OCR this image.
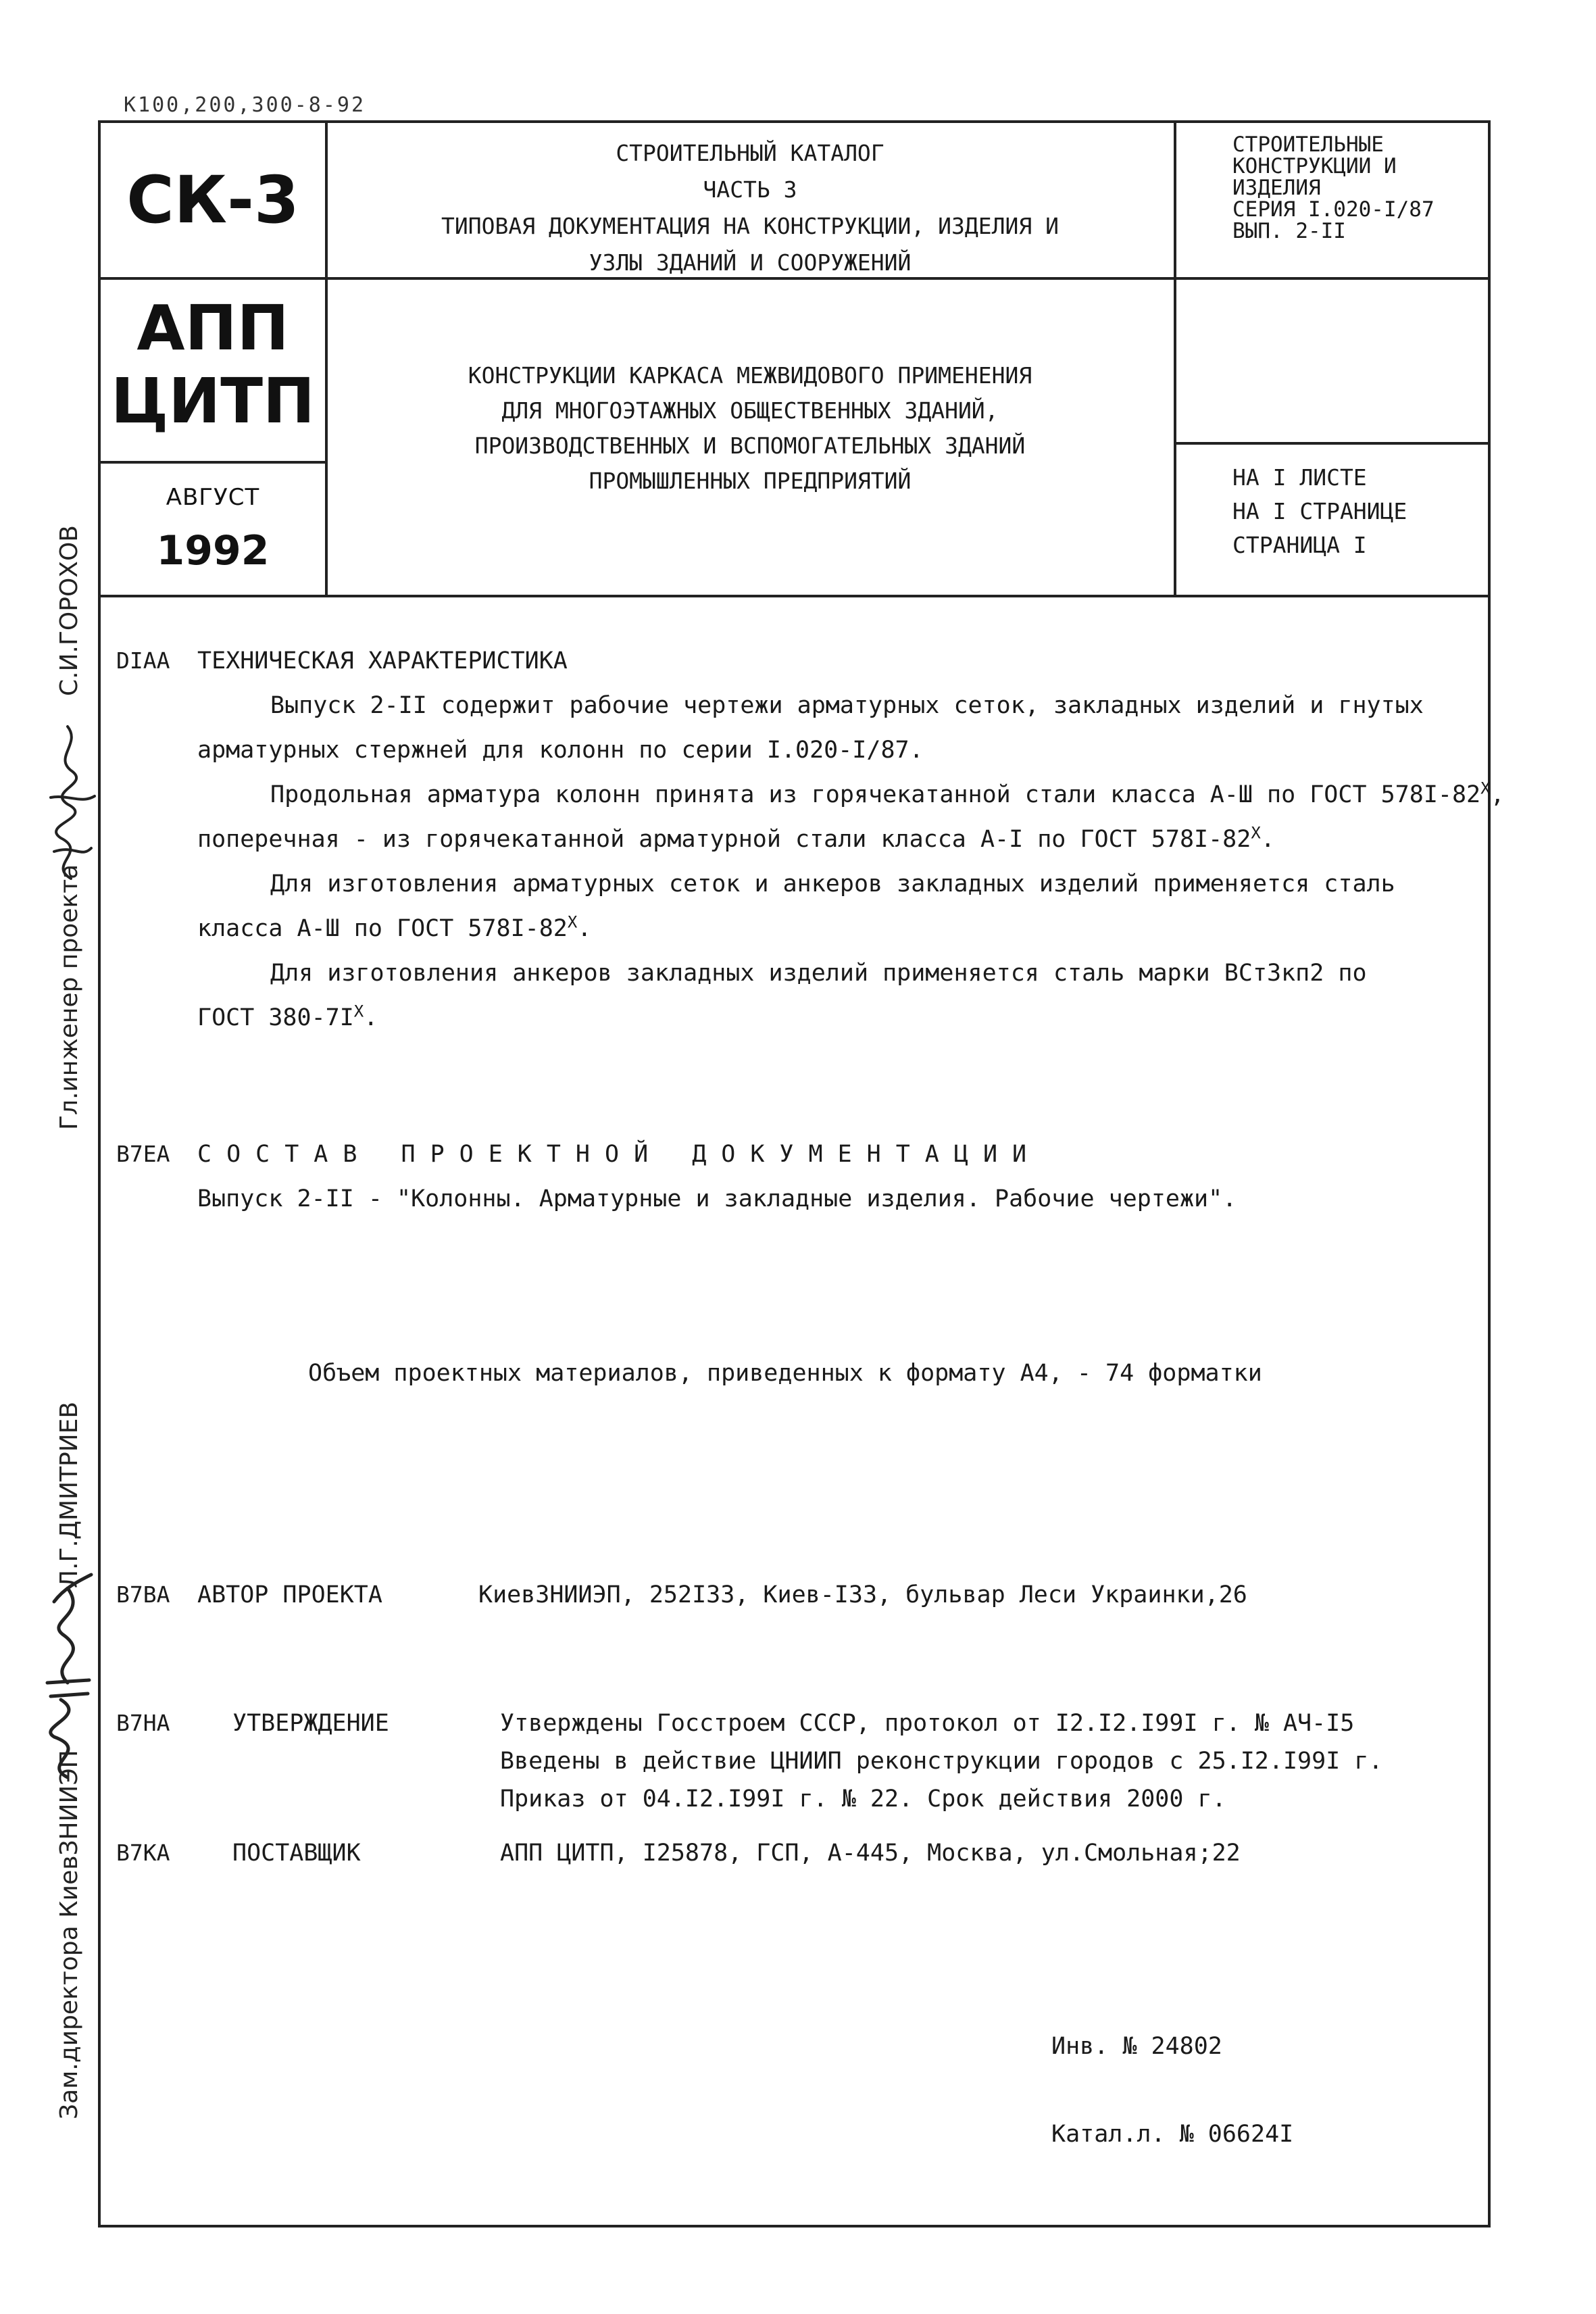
К100,200,300-8-92
СК-3
АПП
ЦИТП
АВГУСТ
1992
СТРОИТЕЛЬНЫЙ КАТАЛОГ
ЧАСТЬ 3
ТИПОВАЯ ДОКУМЕНТАЦИЯ НА КОНСТРУКЦИИ, ИЗДЕЛИЯ И
УЗЛЫ ЗДАНИЙ И СООРУЖЕНИЙ
КОНСТРУКЦИИ КАРКАСА МЕЖВИДОВОГО ПРИМЕНЕНИЯ
ДЛЯ МНОГОЭТАЖНЫХ ОБЩЕСТВЕННЫХ ЗДАНИЙ,
ПРОИЗВОДСТВЕННЫХ И ВСПОМОГАТЕЛЬНЫХ ЗДАНИЙ
ПРОМЫШЛЕННЫХ ПРЕДПРИЯТИЙ
СТРОИТЕЛЬНЫЕ
КОНСТРУКЦИИ И
ИЗДЕЛИЯ
СЕРИЯ I.020-I/87
ВЫП. 2-II
НА I ЛИСТЕ
НА I СТРАНИЦЕ
СТРАНИЦА I
DIAA ТЕХНИЧЕСКАЯ ХАРАКТЕРИСТИКА
Выпуск 2-II содержит рабочие чертежи арматурных сеток, закладных изделий и гнутых
арматурных стержней для колонн по серии I.020-I/87.
Продольная арматура колонн принята из горячекатанной стали класса А-Ш по ГОСТ $578I-82^Х$,
поперечная - из горячекатанной арматурной стали класса А-I по ГОСТ $578I-82^Х$.
Для изготовления арматурных сеток и анкеров закладных изделий применяется сталь
класса А-Ш по ГОСТ $578I-82^Х$.
Для изготовления анкеров закладных изделий применяется сталь марки ВСт3кп2 по
ГОСТ $380-7I^Х$.
В7ЕА СОСТАВ ПРОЕКТНОЙ ДОКУМЕНТАЦИИ
Выпуск 2-II - "Колонны. Арматурные и закладные изделия. Рабочие чертежи".
Объем проектных материалов, приведенных к формату А4, - 74 форматки
В7ВА АВТОР ПРОЕКТА	КиевЗНИИЭП, 252I33, Киев-I33, бульвар Леси Украинки,26
В7НА	УТВЕРЖДЕНИЕ	Утверждены Госстроем СССР, протокол от I2.I2.I99I г. № АЧ-I5
Введены в действие ЦНИИП реконструкции городов с 25.I2.I99I г.
Приказ от 04.I2.I99I г. № 22. Срок действия 2000 г.
В7КА	ПОСТАВЩИК	АПП ЦИТП, I25878, ГСП, А-445, Москва, ул.Смольная;22
Инв. № 24802
Катал.л. № 06624I
Гл.инженер проекта
С.И.ГОРОХОВ
Зам.директора КиевЗНИИЭП
Л.Г.ДМИТРИЕВ
